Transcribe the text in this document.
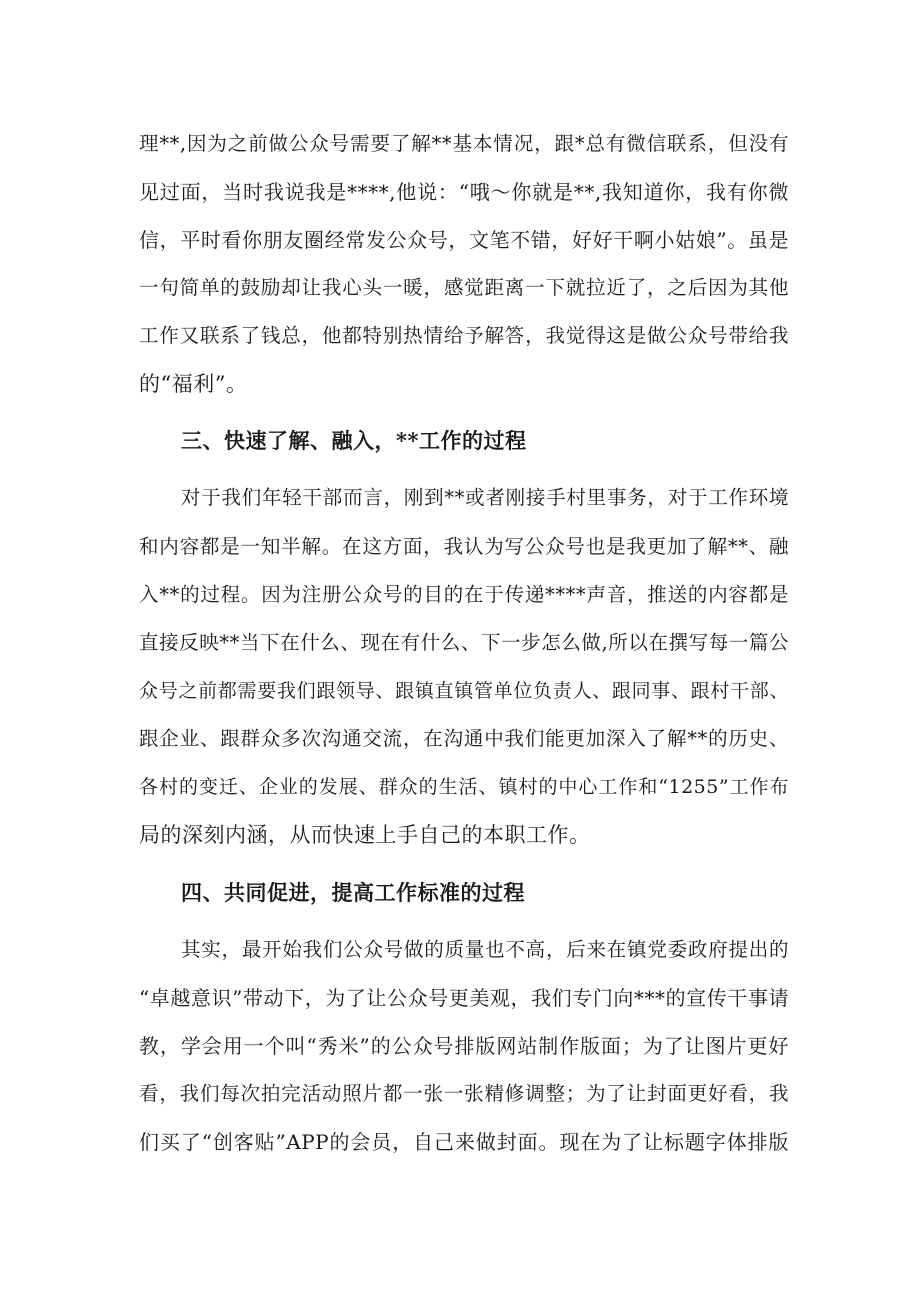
理**,因为之前做公众号需要了解**基本情况，跟*总有微信联系，但没有
见过面，当时我说我是****,他说：“哦～你就是**,我知道你，我有你微
信，平时看你朋友圈经常发公众号，文笔不错，好好干啊小姑娘”。虽是
一句简单的鼓励却让我心头一暖，感觉距离一下就拉近了，之后因为其他
工作又联系了钱总，他都特别热情给予解答，我觉得这是做公众号带给我
的“福利”。
三、快速了解、融入，**工作的过程
对于我们年轻干部而言，刚到**或者刚接手村里事务，对于工作环境
和内容都是一知半解。在这方面，我认为写公众号也是我更加了解**、融
入**的过程。因为注册公众号的目的在于传递****声音，推送的内容都是
直接反映**当下在什么、现在有什么、下一步怎么做,所以在撰写每一篇公
众号之前都需要我们跟领导、跟镇直镇管单位负责人、跟同事、跟村干部、
跟企业、跟群众多次沟通交流，在沟通中我们能更加深入了解**的历史、
各村的变迁、企业的发展、群众的生活、镇村的中心工作和“1255”工作布
局的深刻内涵，从而快速上手自己的本职工作。
四、共同促进，提高工作标准的过程
其实，最开始我们公众号做的质量也不高，后来在镇党委政府提出的
“卓越意识”带动下，为了让公众号更美观，我们专门向***的宣传干事请
教，学会用一个叫“秀米”的公众号排版网站制作版面；为了让图片更好
看，我们每次拍完活动照片都一张一张精修调整；为了让封面更好看，我
们买了“创客贴”APP的会员，自己来做封面。现在为了让标题字体排版
